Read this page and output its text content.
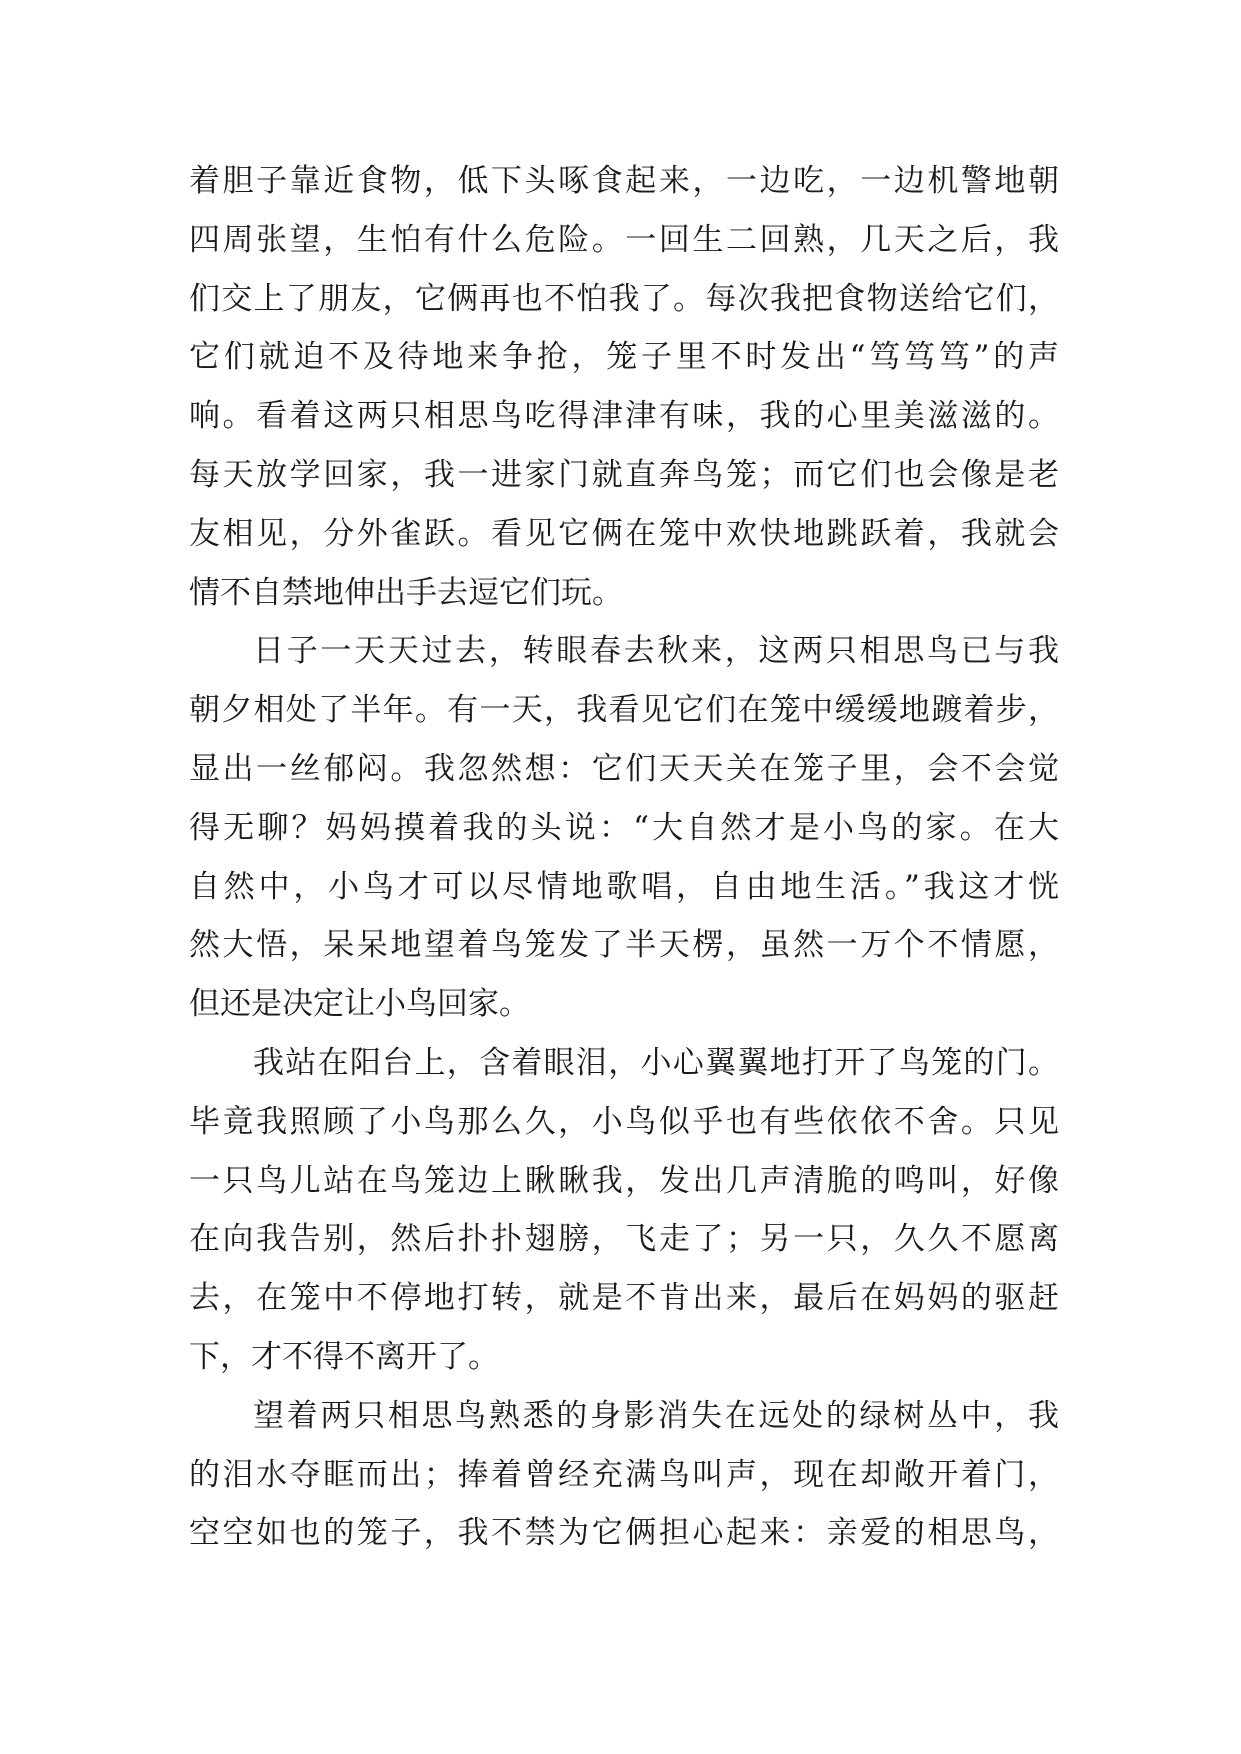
着胆子靠近食物，低下头啄食起来，一边吃，一边机警地朝
四周张望，生怕有什么危险。一回生二回熟，几天之后，我
们交上了朋友，它俩再也不怕我了。每次我把食物送给它们，
它们就迫不及待地来争抢，笼子里不时发出“笃笃笃”的声
响。看着这两只相思鸟吃得津津有味，我的心里美滋滋的。
每天放学回家，我一进家门就直奔鸟笼；而它们也会像是老
友相见，分外雀跃。看见它俩在笼中欢快地跳跃着，我就会
情不自禁地伸出手去逗它们玩。
日子一天天过去，转眼春去秋来，这两只相思鸟已与我
朝夕相处了半年。有一天，我看见它们在笼中缓缓地踱着步，
显出一丝郁闷。我忽然想：它们天天关在笼子里，会不会觉
得无聊？妈妈摸着我的头说：“大自然才是小鸟的家。在大
自然中，小鸟才可以尽情地歌唱，自由地生活。”我这才恍
然大悟，呆呆地望着鸟笼发了半天楞，虽然一万个不情愿，
但还是决定让小鸟回家。
我站在阳台上，含着眼泪，小心翼翼地打开了鸟笼的门。
毕竟我照顾了小鸟那么久，小鸟似乎也有些依依不舍。只见
一只鸟儿站在鸟笼边上瞅瞅我，发出几声清脆的鸣叫，好像
在向我告别，然后扑扑翅膀，飞走了；另一只，久久不愿离
去，在笼中不停地打转，就是不肯出来，最后在妈妈的驱赶
下，才不得不离开了。
望着两只相思鸟熟悉的身影消失在远处的绿树丛中，我
的泪水夺眶而出；捧着曾经充满鸟叫声，现在却敞开着门，
空空如也的笼子，我不禁为它俩担心起来：亲爱的相思鸟，
